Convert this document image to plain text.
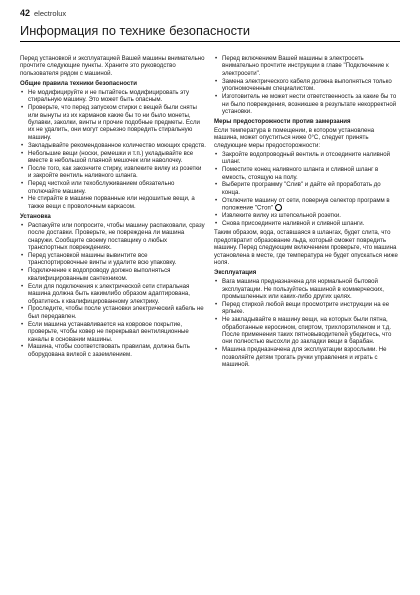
42 electrolux
Информация по технике безопасности

Перед установкой и эксплуатацией Вашей машины внимательно прочтите следующие пункты. Храните это руководство пользователя рядом с машиной.

Общие правила техники безопасности

• Не модифицируйте и не пытайтесь модифицировать эту стиральную машину. Это может быть опасным.
• Проверьте, что перед запуском стирки с вещей были сняты или вынуты из их карманов какие бы то ни было монеты, булавки, заколки, винты и прочие подобные предметы. Если их не удалить, они могут серьезно повредить стиральную машину.
• Закладывайте рекомендованное количество моющих средств.
• Небольшие вещи (носки, ремешки и т.п.) укладывайте все вместе в небольшой плаяной мешочек или наволочку.
• После того, как закончите стирку, извлеките вилку из розетки и закройте вентиль наливного шланга.
• Перед чисткой или техобслуживанием обязательно отключайте машину.
• Не стирайте в машине порванные или недошитые вещи, а также вещи с проволочным каркасом.

Установка

• Распакуйте или попросите, чтобы машину распаковали, сразу после доставки. Проверьте, не повреждена ли машина снаружи. Сообщите своему поставщику о любых транспортных повреждениях.
• Перед установкой машины вывинтите все транспортировочные винты и удалите всю упаковку.
• Подключение к водопроводу должно выполняться квалифицированным сантехником.
• Если для подключения к электрической сети стиральная машина должна быть какимлибо образом адаптирована, обратитесь к квалифицированному электрику.
• Проследите, чтобы после установки электрический кабель не был передавлен.
• Если машина устанавливается на ковровое покрытие, проверьте, чтобы ковер не перекрывал вентиляционные каналы в основании машины.
• Машина, чтобы соответствовать правилам, должна быть оборудована вилкой с заземлением.
• Перед включением Вашей машины в электросеть внимательно прочтите инструкции в главе "Подключение к электросети".
• Замена электрического кабеля должна выполняться только уполномоченным специалистом.
• Изготовитель не может нести ответственность за какие бы то ни было повреждения, возникшее в результате некорректной установки.

Меры предосторожности против замерзания

Если температура в помещении, в котором установлена машина, может опуститься ниже 0°C, следует принять следующие меры предосторожности:

• Закройте водопроводный вентиль и отсоедините наливной шланг.
• Поместите конец наливного шланга и сливной шланг в емкость, стоящую на полу.
• Выберите программу "Слив" и дайте ей проработать до конца.
• Отключите машину от сети, повернув селектор программ в положение "Стоп"
• Извлеките вилку из штепсельной розетки.
• Снова присоедините наливной и сливной шланги.

Таким образом, вода, оставшаяся в шлангах, будет слита, что предотвратит образование льда, который сможет повредить машину. Перед следующим включением проверьте, что машина установлена в месте, где температура не будет опускаться ниже ноля.

Эксплуатация

• Вага машина предназначена для нормальной бытовой эксплуатации. Не пользуйтесь машиной в коммерческих, промышленных или каких-либо других целях.
• Перед стиркой любой вещи просмотрите инструкции на ее ярлыке.
• Не закладывайте в машину вещи, на которых были пятна, обработанные керосином, спиртом, трихлорэтиленом и т.д. После применения таких пятновыводителей убедитесь, что они полностью высохли до закладки вещи в барабан.
• Машина предназначена для эксплуатации взрослыми. Не позволяйте детям трогать ручки управления и играть с машиной.
